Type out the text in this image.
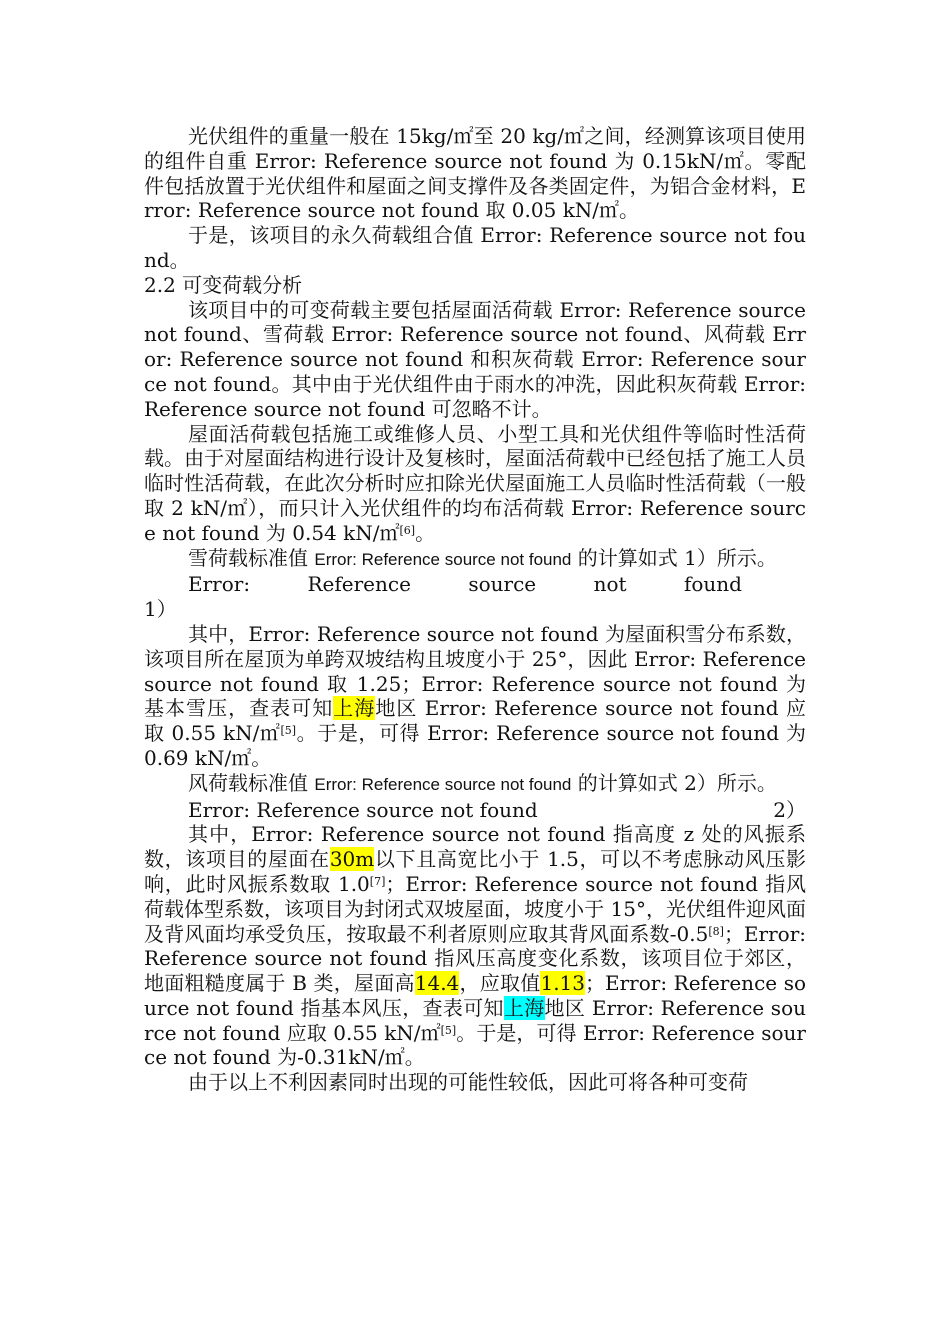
光伏组件的重量一般在 15kg/㎡至 20 kg/㎡之间，经测算该项目使用的组件自重 Error: Reference source not found 为 0.15kN/㎡。零配件包括放置于光伏组件和屋面之间支撑件及各类固定件，为铝合金材料，Error: Reference source not found 取 0.05 kN/㎡。

于是，该项目的永久荷载组合值 Error: Reference source not found。

2.2 可变荷载分析

该项目中的可变荷载主要包括屋面活荷载 Error: Reference source not found、雪荷载 Error: Reference source not found、风荷载 Error: Reference source not found 和积灰荷载 Error: Reference source not found。其中由于光伏组件由于雨水的冲洗，因此积灰荷载 Error: Reference source not found 可忽略不计。

屋面活荷载包括施工或维修人员、小型工具和光伏组件等临时性活荷载。由于对屋面结构进行设计及复核时，屋面活荷载中已经包括了施工人员临时性活荷载，在此次分析时应扣除光伏屋面施工人员临时性活荷载（一般取 2 kN/㎡），而只计入光伏组件的均布活荷载 Error: Reference source not found 为 0.54 kN/㎡[6]。

雪荷载标准值 Error: Reference source not found 的计算如式 1）所示。

Error:	Reference	source	not	found

1）

其中，Error: Reference source not found 为屋面积雪分布系数，该项目所在屋顶为单跨双坡结构且坡度小于 25°，因此 Error: Reference source not found 取 1.25；Error: Reference source not found 为基本雪压，查表可知上海地区 Error: Reference source not found 应取 0.55 kN/㎡[5]。于是，可得 Error: Reference source not found 为 0.69 kN/㎡。

风荷载标准值 Error: Reference source not found 的计算如式 2）所示。

Error: Reference source not found	2）

其中，Error: Reference source not found 指高度 z 处的风振系数，该项目的屋面在30m以下且高宽比小于 1.5，可以不考虑脉动风压影响，此时风振系数取 1.0[7]；Error: Reference source not found 指风荷载体型系数，该项目为封闭式双坡屋面，坡度小于 15°，光伏组件迎风面及背风面均承受负压，按取最不利者原则应取其背风面系数-0.5[8]；Error: Reference source not found 指风压高度变化系数，该项目位于郊区，地面粗糙度属于 B 类，屋面高14.4，应取值1.13；Error: Reference source not found 指基本风压，查表可知上海地区 Error: Reference source not found 应取 0.55 kN/㎡[5]。于是，可得 Error: Reference source not found 为-0.31kN/㎡。

由于以上不利因素同时出现的可能性较低，因此可将各种可变荷
